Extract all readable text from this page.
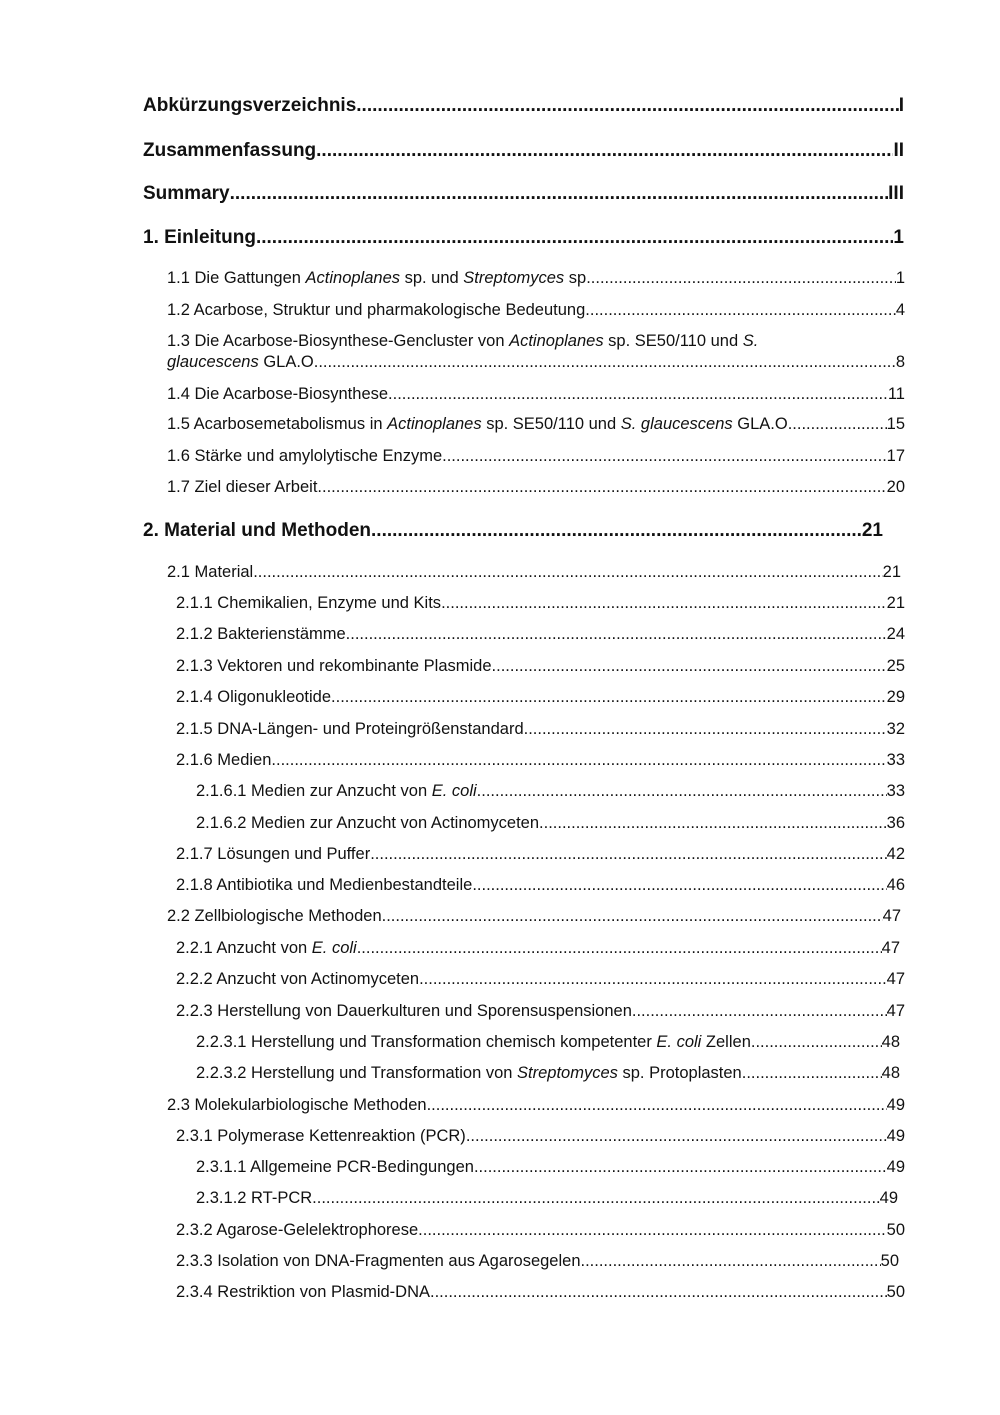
Abkürzungsverzeichnis .....	I
Zusammenfassung .....	II
Summary .....	III
1. Einleitung .....	1
1.1 Die Gattungen Actinoplanes sp. und Streptomyces sp .....	1
1.2 Acarbose, Struktur und pharmakologische Bedeutung .....	4
1.3 Die Acarbose-Biosynthese-Gencluster von Actinoplanes sp. SE50/110 und S.
glaucescens GLA.O .....	8
1.4 Die Acarbose-Biosynthese .....	11
1.5 Acarbosemetabolismus in Actinoplanes sp. SE50/110 und S. glaucescens GLA.O .....	15
1.6 Stärke und amylolytische Enzyme .....	17
1.7 Ziel dieser Arbeit .....	20
2. Material und Methoden .....	21
2.1 Material .....	21
2.1.1 Chemikalien, Enzyme und Kits .....	21
2.1.2 Bakterienstämme .....	24
2.1.3 Vektoren und rekombinante Plasmide .....	25
2.1.4 Oligonukleotide .....	29
2.1.5 DNA-Längen- und Proteingrößenstandard .....	32
2.1.6 Medien .....	33
2.1.6.1 Medien zur Anzucht von E. coli .....	33
2.1.6.2 Medien zur Anzucht von Actinomyceten .....	36
2.1.7 Lösungen und Puffer .....	42
2.1.8 Antibiotika und Medienbestandteile .....	46
2.2 Zellbiologische Methoden .....	47
2.2.1 Anzucht von E. coli .....	47
2.2.2 Anzucht von Actinomyceten .....	47
2.2.3 Herstellung von Dauerkulturen und Sporensuspensionen .....	47
2.2.3.1 Herstellung und Transformation chemisch kompetenter E. coli Zellen .....	48
2.2.3.2 Herstellung und Transformation von Streptomyces sp. Protoplasten .....	48
2.3 Molekularbiologische Methoden .....	49
2.3.1 Polymerase Kettenreaktion (PCR) .....	49
2.3.1.1 Allgemeine PCR-Bedingungen .....	49
2.3.1.2 RT-PCR .....	49
2.3.2 Agarose-Gelelektrophorese .....	50
2.3.3 Isolation von DNA-Fragmenten aus Agarosegelen .....	50
2.3.4 Restriktion von Plasmid-DNA .....	50
